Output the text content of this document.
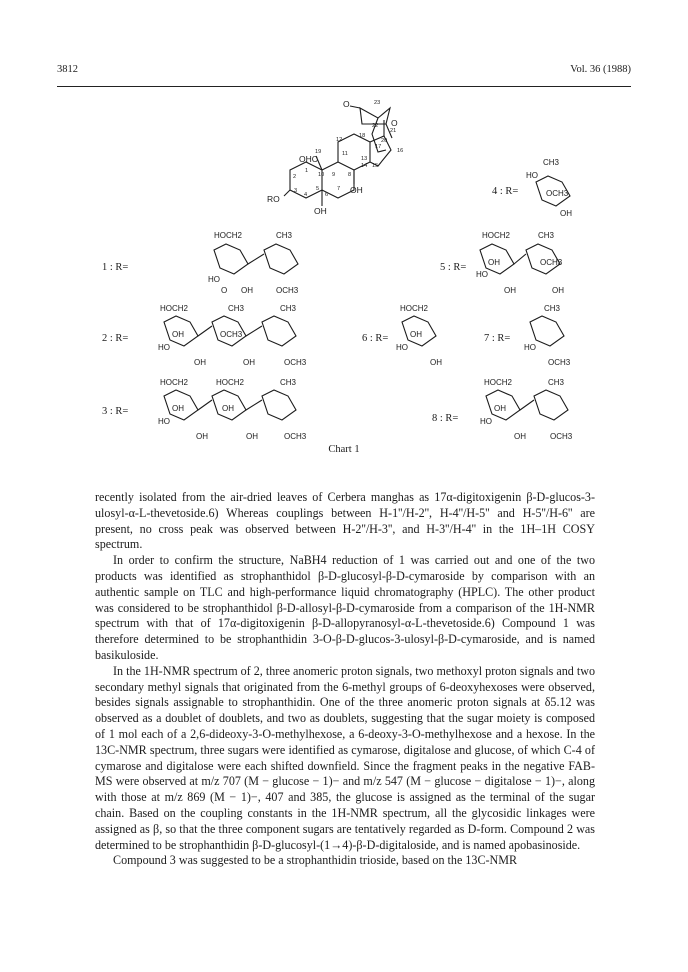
3812	Vol. 36 (1988)
23
22
21
20
12
18
17
16
13
14 15
19	11
1
10 9 8
2
5	7
3
4	6
O
O
OHC
OH
OH
RO
1 : R=
2 : R=
3 : R=
4 : R=
5 : R=
6 : R=	7 : R=
8 : R=
CH3
HO
OCH3
OH
HOCH2	CH3
HO
O OH	OCH3
HOCH2	CH3
OH	OCH3
HO
OH	OH
HOCH2	CH3	CH3
OH	OCH3
HO
OH	OH	OCH3
HOCH2
OH
HO
OH
CH3
HO
OCH3
HOCH2	HOCH2	CH3
OH	OH
HO
OH	OH	OCH3
HOCH2	CH3
OH
HO
OH	OCH3
Chart 1

recently isolated from the air-dried leaves of Cerbera manghas as 17α-digitoxigenin β-D-glucos-3-ulosyl-α-L-thevetoside.6) Whereas couplings between H-1''/H-2'', H-4''/H-5'' and H-5''/H-6'' are present, no cross peak was observed between H-2''/H-3'', and H-3''/H-4'' in the 1H–1H COSY spectrum.

In order to confirm the structure, NaBH4 reduction of 1 was carried out and one of the two products was identified as strophanthidol β-D-glucosyl-β-D-cymaroside by comparison with an authentic sample on TLC and high-performance liquid chromatography (HPLC). The other product was considered to be strophanthidol β-D-allosyl-β-D-cymaroside from a comparison of the 1H-NMR spectrum with that of 17α-digitoxigenin β-D-allopyranosyl-α-L-thevetoside.6) Compound 1 was therefore determined to be strophanthidin 3-O-β-D-glucos-3-ulosyl-β-D-cymaroside, and is named basikuloside.

In the 1H-NMR spectrum of 2, three anomeric proton signals, two methoxyl proton signals and two secondary methyl signals that originated from the 6-methyl groups of 6-deoxyhexoses were observed, besides signals assignable to strophanthidin. One of the three anomeric proton signals at δ5.12 was observed as a doublet of doublets, and two as doublets, suggesting that the sugar moiety is composed of 1 mol each of a 2,6-dideoxy-3-O-methylhexose, a 6-deoxy-3-O-methylhexose and a hexose. In the 13C-NMR spectrum, three sugars were identified as cymarose, digitalose and glucose, of which C-4 of cymarose and digitalose were each shifted downfield. Since the fragment peaks in the negative FAB-MS were observed at m/z 707 (M − glucose − 1)− and m/z 547 (M − glucose − digitalose − 1)−, along with those at m/z 869 (M − 1)−, 407 and 385, the glucose is assigned as the terminal of the sugar chain. Based on the coupling constants in the 1H-NMR spectrum, all the glycosidic linkages were assigned as β, so that the three component sugars are tentatively regarded as D-form. Compound 2 was determined to be strophanthidin β-D-glucosyl-(1→4)-β-D-digitaloside, and is named apobasinoside.

Compound 3 was suggested to be a strophanthidin trioside, based on the 13C-NMR
